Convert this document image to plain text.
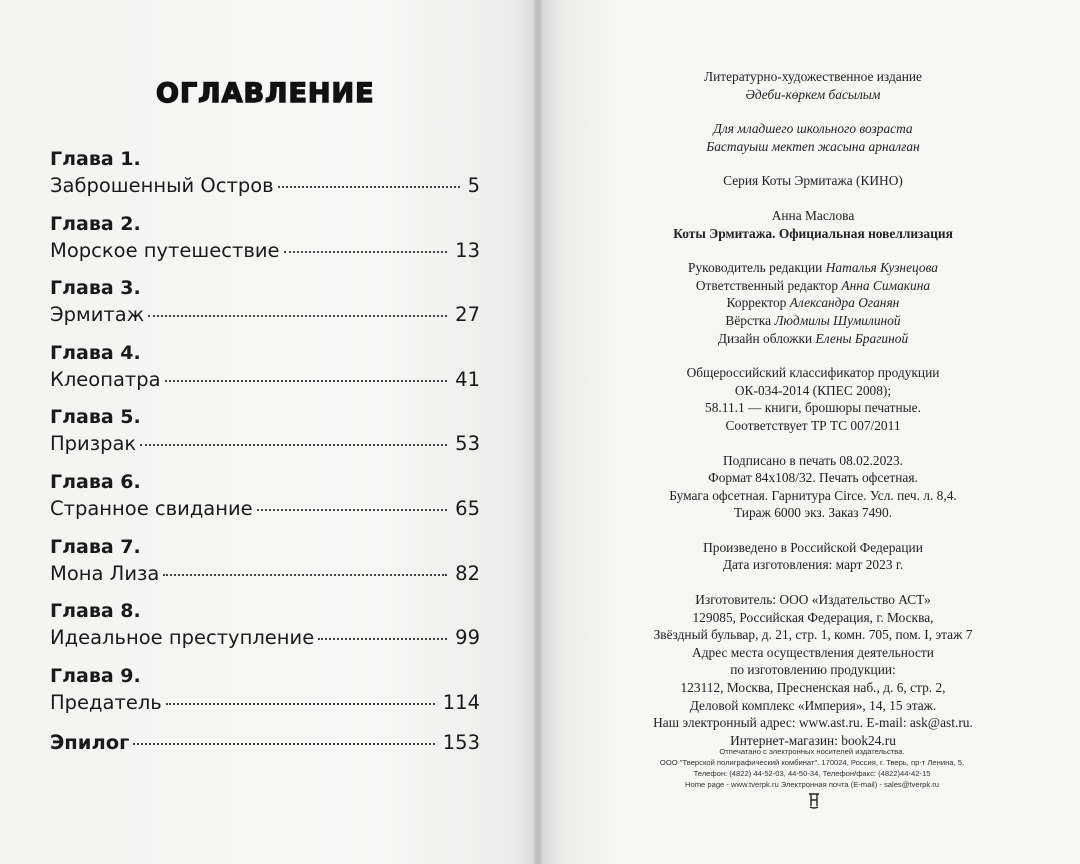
ОГЛАВЛЕНИЕ
Глава 1.
Заброшенный Остров	5
Глава 2.
Морское путешествие	13
Глава 3.
Эрмитаж	27
Глава 4.
Клеопатра	41
Глава 5.
Призрак	53
Глава 6.
Странное свидание	65
Глава 7.
Мона Лиза	82
Глава 8.
Идеальное преступление	99
Глава 9.
Предатель	114
Эпилог	153
Литературно-художественное издание
Әдеби-көркем басылым
Для младшего школьного возраста
Бастауыш мектеп жасына арналған
Серия Коты Эрмитажа (КИНО)
Анна Маслова
Коты Эрмитажа. Официальная новеллизация
Руководитель редакции Наталья Кузнецова
Ответственный редактор Анна Симакина
Корректор Александра Оганян
Вёрстка Людмилы Шумилиной
Дизайн обложки Елены Брагиной
Общероссийский классификатор продукции
ОК-034-2014 (КПЕС 2008);
58.11.1 — книги, брошюры печатные.
Соответствует ТР ТС 007/2011
Подписано в печать 08.02.2023.
Формат 84x108/32. Печать офсетная.
Бумага офсетная. Гарнитура Circe. Усл. печ. л. 8,4.
Тираж 6000 экз. Заказ 7490.
Произведено в Российской Федерации
Дата изготовления: март 2023 г.
Изготовитель: ООО «Издательство АСТ»
129085, Российская Федерация, г. Москва,
Звёздный бульвар, д. 21, стр. 1, комн. 705, пом. I, этаж 7
Адрес места осуществления деятельности
по изготовлению продукции:
123112, Москва, Пресненская наб., д. 6, стр. 2,
Деловой комплекс «Империя», 14, 15 этаж.
Наш электронный адрес: www.ast.ru. E-mail: ask@ast.ru.
Интернет-магазин: book24.ru
Отпечатано с электронных носителей издательства.
ООО "Тверской полиграфический комбинат". 170024, Россия, г. Тверь, пр-т Ленина, 5.
Телефон: (4822) 44-52-03, 44-50-34, Телефон/факс: (4822)44-42-15
Home page - www.tverpk.ru Электронная почта (E-mail) - sales@tverpk.ru
